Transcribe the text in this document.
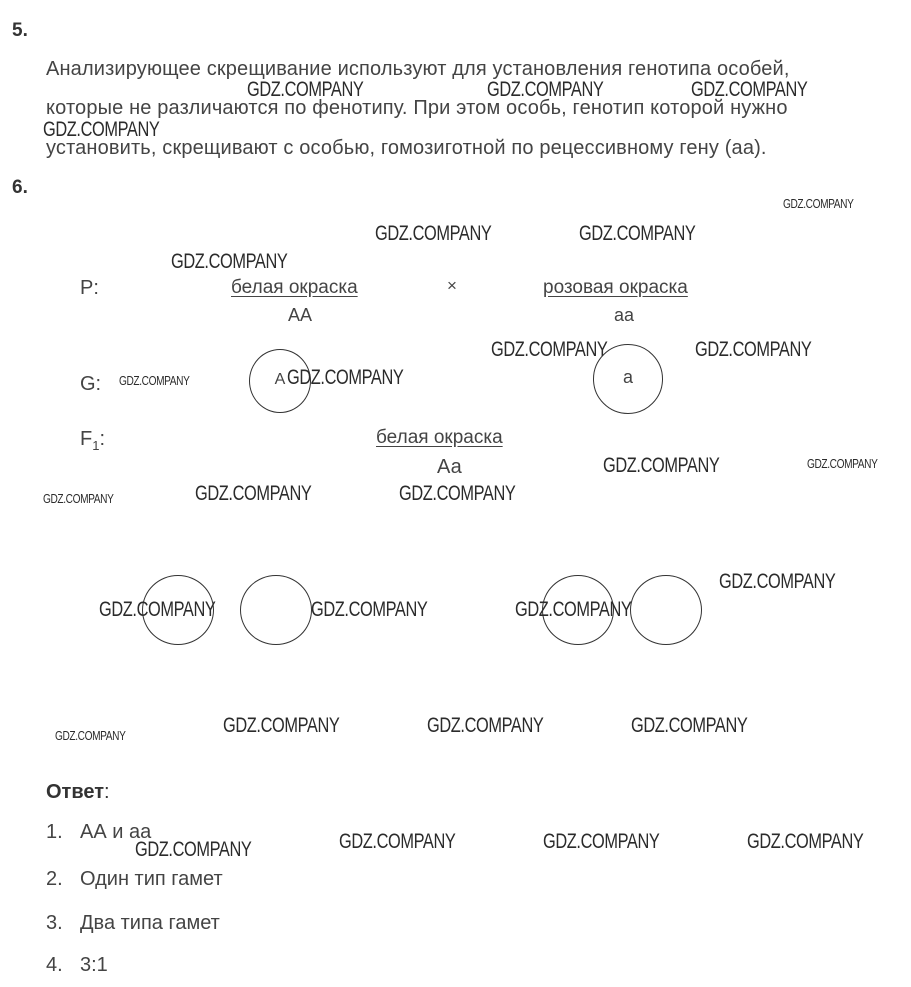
5.
Анализирующее скрещивание используют для установления генотипа особей,
которые не различаются по фенотипу. При этом особь, генотип которой нужно
установить, скрещивают с особью, гомозиготной по рецессивному гену (аа).
6.
P:	белая окраска
АА
×	розовая окраска
аа
G:	A	a
$F_1$:	белая окраска
Аа
Ответ:
1. АА и аа
2. Один тип гамет
3. Два типа гамет
4. 3:1
GDZ.COMPANY	GDZ.COMPANY	GDZ.COMPANY
GDZ.COMPANY
GDZ.COMPANY
GDZ.COMPANY	GDZ.COMPANY
GDZ.COMPANY
GDZ.COMPANY	GDZ.COMPANY
GDZ.COMPANY	GDZ.COMPANY
GDZ.COMPANY	GDZ.COMPANY
GDZ.COMPANY	GDZ.COMPANY	GDZ.COMPANY
GDZ.COMPANY
GDZ.COMPANY	GDZ.COMPANY	GDZ.COMPANY
GDZ.COMPANY	GDZ.COMPANY	GDZ.COMPANY	GDZ.COMPANY
GDZ.COMPANY	GDZ.COMPANY	GDZ.COMPANY
GDZ.COMPANY
